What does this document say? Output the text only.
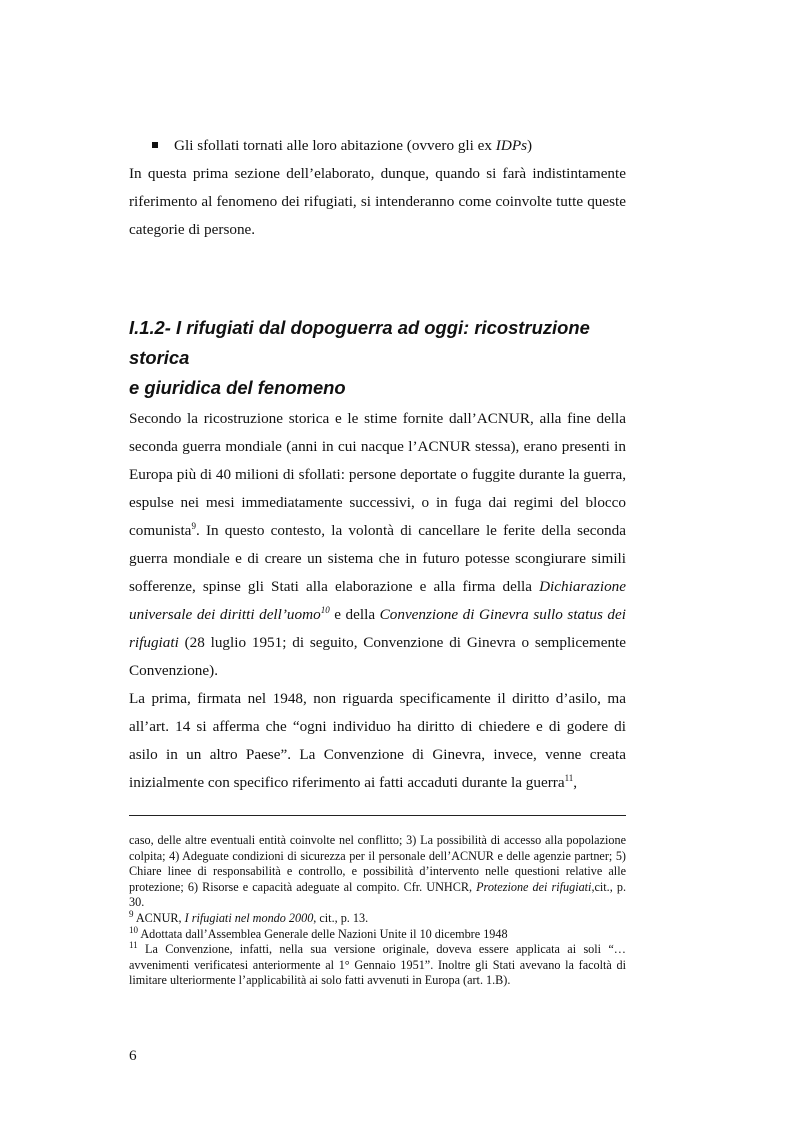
Gli sfollati tornati alle loro abitazione (ovvero gli ex IDPs)

In questa prima sezione dell’elaborato, dunque, quando si farà indistintamente riferimento al fenomeno dei rifugiati, si intenderanno come coinvolte tutte queste categorie di persone.

I.1.2- I rifugiati dal dopoguerra ad oggi: ricostruzione storica
e giuridica del fenomeno

Secondo la ricostruzione storica e le stime fornite dall’ACNUR, alla fine della seconda guerra mondiale (anni in cui nacque l’ACNUR stessa), erano presenti in Europa più di 40 milioni di sfollati: persone deportate o fuggite durante la guerra, espulse nei mesi immediatamente successivi, o in fuga dai regimi del blocco comunista$^9$. In questo contesto, la volontà di cancellare le ferite della seconda guerra mondiale e di creare un sistema che in futuro potesse scongiurare simili sofferenze, spinse gli Stati alla elaborazione e alla firma della Dichiarazione universale dei diritti dell’uomo$^{10}$ e della Convenzione di Ginevra sullo status dei rifugiati (28 luglio 1951; di seguito, Convenzione di Ginevra o semplicemente Convenzione).

La prima, firmata nel 1948, non riguarda specificamente il diritto d’asilo, ma all’art. 14 si afferma che “ogni individuo ha diritto di chiedere e di godere di asilo in un altro Paese”. La Convenzione di Ginevra, invece, venne creata inizialmente con specifico riferimento ai fatti accaduti durante la guerra$^{11}$,

caso, delle altre eventuali entità coinvolte nel conflitto; 3) La possibilità di accesso alla popolazione colpita; 4) Adeguate condizioni di sicurezza per il personale dell’ACNUR e delle agenzie partner; 5) Chiare linee di responsabilità e controllo, e possibilità d’intervento nelle questioni relative alle protezione; 6) Risorse e capacità adeguate al compito. Cfr. UNHCR, Protezione dei rifugiati,cit., p. 30.

$^9$ ACNUR, I rifugiati nel mondo 2000, cit., p. 13.

$^{10}$ Adottata dall’Assemblea Generale delle Nazioni Unite il 10 dicembre 1948

$^{11}$ La Convenzione, infatti, nella sua versione originale, doveva essere applicata ai soli “…avvenimenti verificatesi anteriormente al 1° Gennaio 1951”. Inoltre gli Stati avevano la facoltà di limitare ulteriormente l’applicabilità ai solo fatti avvenuti in Europa (art. 1.B).

6
